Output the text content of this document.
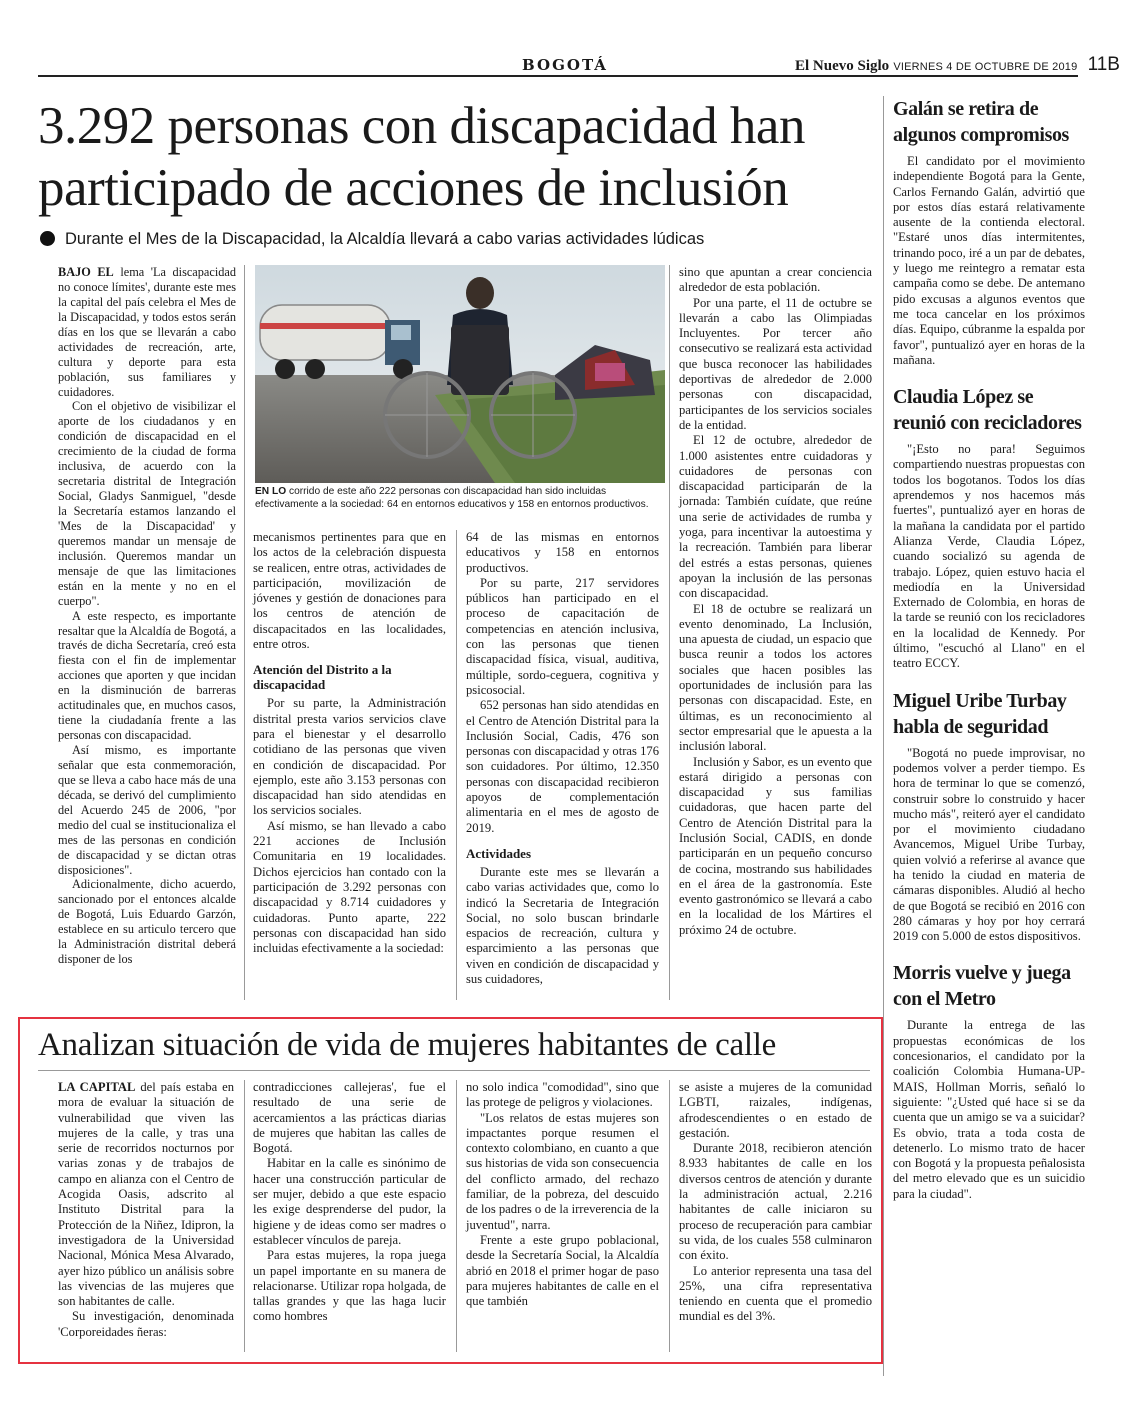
BOGOTÁ	El Nuevo Siglo VIERNES 4 DE OCTUBRE DE 2019 11B
3.292 personas con discapacidad han
participado de acciones de inclusión
Durante el Mes de la Discapacidad, la Alcaldía llevará a cabo varias actividades lúdicas

BAJO EL lema 'La discapacidad no conoce límites', durante este mes la capital del país celebra el Mes de la Discapacidad, y todos estos serán días en los que se llevarán a cabo actividades de recreación, arte, cultura y deporte para esta población, sus familiares y cuidadores.

Con el objetivo de visibilizar el aporte de los ciudadanos y en condición de discapacidad en el crecimiento de la ciudad de forma inclusiva, de acuerdo con la secretaria distrital de Integración Social, Gladys Sanmiguel, "desde la Secretaría estamos lanzando el 'Mes de la Discapacidad' y queremos mandar un mensaje de inclusión. Queremos mandar un mensaje de que las limitaciones están en la mente y no en el cuerpo".

A este respecto, es importante resaltar que la Alcaldía de Bogotá, a través de dicha Secretaría, creó esta fiesta con el fin de implementar acciones que aporten y que incidan en la disminución de barreras actitudinales que, en muchos casos, tiene la ciudadanía frente a las personas con discapacidad.

Así mismo, es importante señalar que esta conmemoración, que se lleva a cabo hace más de una década, se derivó del cumplimiento del Acuerdo 245 de 2006, "por medio del cual se institucionaliza el mes de las personas en condición de discapacidad y se dictan otras disposiciones".

Adicionalmente, dicho acuerdo, sancionado por el entonces alcalde de Bogotá, Luis Eduardo Garzón, establece en su articulo tercero que la Administración distrital deberá disponer de los

EN LO corrido de este año 222 personas con discapacidad han sido incluidas efectivamente a la sociedad: 64 en entornos educativos y 158 en entornos productivos.

mecanismos pertinentes para que en los actos de la celebración dispuesta se realicen, entre otras, actividades de participación, movilización de jóvenes y gestión de donaciones para los centros de atención de discapacitados en las localidades, entre otros.

Atención del Distrito a la discapacidad

Por su parte, la Administración distrital presta varios servicios clave para el bienestar y el desarrollo cotidiano de las personas que viven en condición de discapacidad. Por ejemplo, este año 3.153 personas con discapacidad han sido atendidas en los servicios sociales.

Así mismo, se han llevado a cabo 221 acciones de Inclusión Comunitaria en 19 localidades. Dichos ejercicios han contado con la participación de 3.292 personas con discapacidad y 8.714 cuidadores y cuidadoras. Punto aparte, 222 personas con discapacidad han sido incluidas efectivamente a la sociedad:

64 de las mismas en entornos educativos y 158 en entornos productivos.

Por su parte, 217 servidores públicos han participado en el proceso de capacitación de competencias en atención inclusiva, con las personas que tienen discapacidad física, visual, auditiva, múltiple, sordo-ceguera, cognitiva y psicosocial.

652 personas han sido atendidas en el Centro de Atención Distrital para la Inclusión Social, Cadis, 476 son personas con discapacidad y otras 176 son cuidadores. Por último, 12.350 personas con discapacidad recibieron apoyos de complementación alimentaria en el mes de agosto de 2019.

Actividades

Durante este mes se llevarán a cabo varias actividades que, como lo indicó la Secretaria de Integración Social, no solo buscan brindarle espacios de recreación, cultura y esparcimiento a las personas que viven en condición de discapacidad y sus cuidadores,

sino que apuntan a crear conciencia alrededor de esta población.

Por una parte, el 11 de octubre se llevarán a cabo las Olimpiadas Incluyentes. Por tercer año consecutivo se realizará esta actividad que busca reconocer las habilidades deportivas de alrededor de 2.000 personas con discapacidad, participantes de los servicios sociales de la entidad.

El 12 de octubre, alrededor de 1.000 asistentes entre cuidadoras y cuidadores de personas con discapacidad participarán de la jornada: También cuídate, que reúne una serie de actividades de rumba y yoga, para incentivar la autoestima y la recreación. También para liberar del estrés a estas personas, quienes apoyan la inclusión de las personas con discapacidad.

El 18 de octubre se realizará un evento denominado, La Inclusión, una apuesta de ciudad, un espacio que busca reunir a todos los actores sociales que hacen posibles las oportunidades de inclusión para las personas con discapacidad. Este, en últimas, es un reconocimiento al sector empresarial que le apuesta a la inclusión laboral.

Inclusión y Sabor, es un evento que estará dirigido a personas con discapacidad y sus familias cuidadoras, que hacen parte del Centro de Atención Distrital para la Inclusión Social, CADIS, en donde participarán en un pequeño concurso de cocina, mostrando sus habilidades en el área de la gastronomía. Este evento gastronómico se llevará a cabo en la localidad de los Mártires el próximo 24 de octubre.

Galán se retira de algunos compromisos

El candidato por el movimiento independiente Bogotá para la Gente, Carlos Fernando Galán, advirtió que por estos días estará relativamente ausente de la contienda electoral. "Estaré unos días intermitentes, trinando poco, iré a un par de debates, y luego me reintegro a rematar esta campaña como se debe. De antemano pido excusas a algunos eventos que me toca cancelar en los próximos días. Equipo, cúbranme la espalda por favor", puntualizó ayer en horas de la mañana.

Claudia López se reunió con recicladores

"¡Esto no para! Seguimos compartiendo nuestras propuestas con todos los bogotanos. Todos los días aprendemos y nos hacemos más fuertes", puntualizó ayer en horas de la mañana la candidata por el partido Alianza Verde, Claudia López, cuando socializó su agenda de trabajo. López, quien estuvo hacia el mediodía en la Universidad Externado de Colombia, en horas de la tarde se reunió con los recicladores en la localidad de Kennedy. Por último, "escuchó al Llano" en el teatro ECCY.

Miguel Uribe Turbay habla de seguridad

"Bogotá no puede improvisar, no podemos volver a perder tiempo. Es hora de terminar lo que se comenzó, construir sobre lo construido y hacer mucho más", reiteró ayer el candidato por el movimiento ciudadano Avancemos, Miguel Uribe Turbay, quien volvió a referirse al avance que ha tenido la ciudad en materia de cámaras disponibles. Aludió al hecho de que Bogotá se recibió en 2016 con 280 cámaras y hoy por hoy cerrará 2019 con 5.000 de estos dispositivos.

Morris vuelve y juega con el Metro

Durante la entrega de las propuestas económicas de los concesionarios, el candidato por la coalición Colombia Humana-UP-MAIS, Hollman Morris, señaló lo siguiente: "¿Usted qué hace si se da cuenta que un amigo se va a suicidar? Es obvio, trata a toda costa de detenerlo. Lo mismo trato de hacer con Bogotá y la propuesta peñalosista del metro elevado que es un suicidio para la ciudad".

Analizan situación de vida de mujeres habitantes de calle

LA CAPITAL del país estaba en mora de evaluar la situación de vulnerabilidad que viven las mujeres de la calle, y tras una serie de recorridos nocturnos por varias zonas y de trabajos de campo en alianza con el Centro de Acogida Oasis, adscrito al Instituto Distrital para la Protección de la Niñez, Idipron, la investigadora de la Universidad Nacional, Mónica Mesa Alvarado, ayer hizo público un análisis sobre las vivencias de las mujeres que son habitantes de calle.

Su investigación, denominada 'Corporeidades ñeras:

contradicciones callejeras', fue el resultado de una serie de acercamientos a las prácticas diarias de mujeres que habitan las calles de Bogotá.

Habitar en la calle es sinónimo de hacer una construcción particular de ser mujer, debido a que este espacio les exige desprenderse del pudor, la higiene y de ideas como ser madres o establecer vínculos de pareja.

Para estas mujeres, la ropa juega un papel importante en su manera de relacionarse. Utilizar ropa holgada, de tallas grandes y que las haga lucir como hombres

no solo indica "comodidad", sino que las protege de peligros y violaciones.

"Los relatos de estas mujeres son impactantes porque resumen el contexto colombiano, en cuanto a que sus historias de vida son consecuencia del conflicto armado, del rechazo familiar, de la pobreza, del descuido de los padres o de la irreverencia de la juventud", narra.

Frente a este grupo poblacional, desde la Secretaría Social, la Alcaldía abrió en 2018 el primer hogar de paso para mujeres habitantes de calle en el que también

se asiste a mujeres de la comunidad LGBTI, raizales, indígenas, afrodescendientes o en estado de gestación.

Durante 2018, recibieron atención 8.933 habitantes de calle en los diversos centros de atención y durante la administración actual, 2.216 habitantes de calle iniciaron su proceso de recuperación para cambiar su vida, de los cuales 558 culminaron con éxito.

Lo anterior representa una tasa del 25%, una cifra representativa teniendo en cuenta que el promedio mundial es del 3%.
